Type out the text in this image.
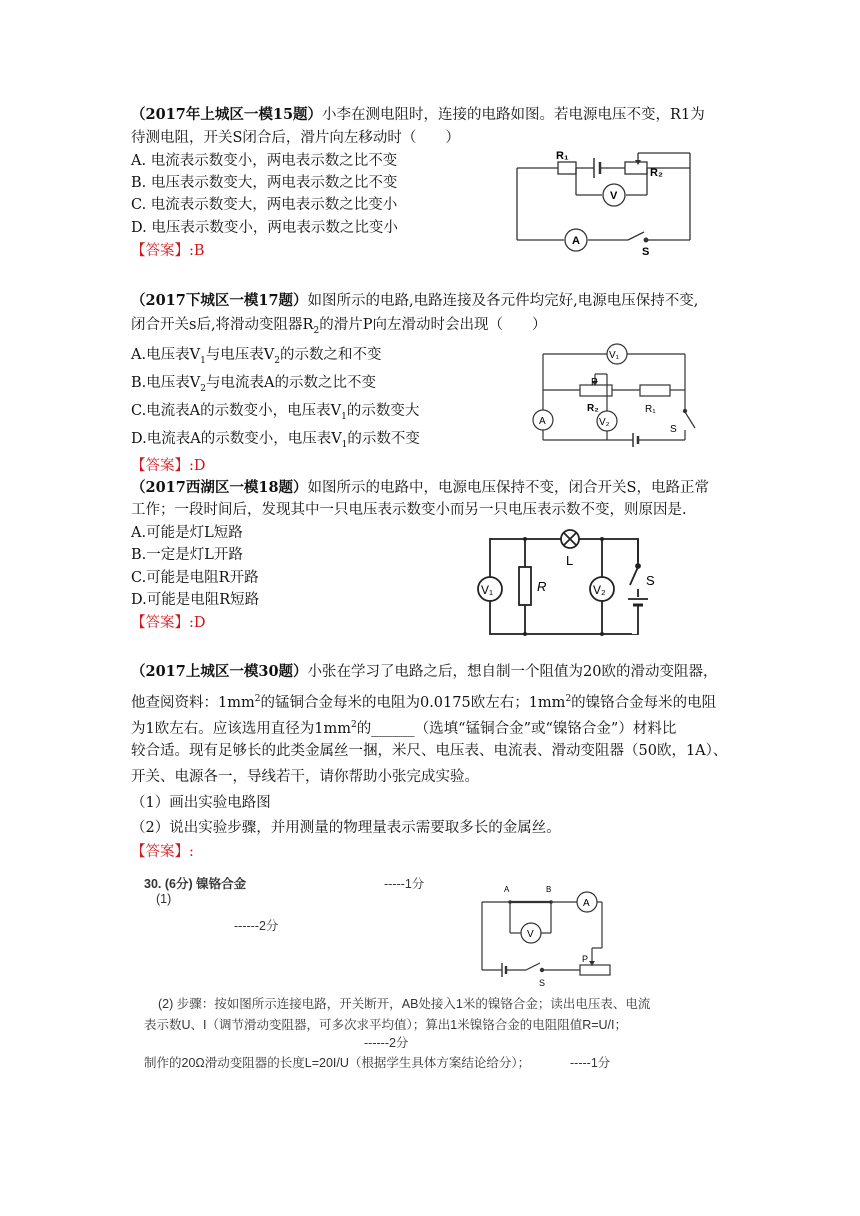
（2017年上城区一模15题）小李在测电阻时，连接的电路如图。若电源电压不变，R1为
待测电阻，开关S闭合后，滑片向左移动时（　　）
A. 电流表示数变小，两电表示数之比不变
B. 电压表示数变大，两电表示数之比不变
C. 电流表示数变大，两电表示数之比变小
D. 电压表示数变小，两电表示数之比变小
【答案】:B
R₁
R₂
V
A
S
（2017下城区一模17题）如图所示的电路,电路连接及各元件均完好,电源电压保持不变,
闭合开关s后,将滑动变阻器$R_2$的滑片P向左滑动时会出现（　　）
A.电压表$V_1$与电压表$V_2$的示数之和不变
B.电压表$V_2$与电流表A的示数之比不变
C.电流表A的示数变小，电压表$V_1$的示数变大
D.电流表A的示数变小，电压表$V_1$的示数不变
【答案】:D
V₁
A
P
R₂
V₂
R₁
S
（2017西湖区一模18题）如图所示的电路中，电源电压保持不变，闭合开关S，电路正常
工作；一段时间后，发现其中一只电压表示数变小而另一只电压表示数不变，则原因是.
A.可能是灯L短路
B.一定是灯L开路
C.可能是电阻R开路
D.可能是电阻R短路
【答案】:D
V₁	R
L
V₂
S
（2017上城区一模30题）小张在学习了电路之后，想自制一个阻值为20欧的滑动变阻器，
他查阅资料：$1mm^2$的锰铜合金每米的电阻为0.0175欧左右；$1mm^2$的镍铬合金每米的电阻
为1欧左右。应该选用直径为$1mm^2$的______（选填“锰铜合金”或“镍铬合金”）材料比
较合适。现有足够长的此类金属丝一捆，米尺、电压表、电流表、滑动变阻器（50欧，1A）、
开关、电源各一，导线若干，请你帮助小张完成实验。
（1）画出实验电路图
（2）说出实验步骤，并用测量的物理量表示需要取多长的金属丝。
【答案】:
30. (6分) 镍铬合金	-----1分
(1)
------2分
A	B
A
V
P
S
(2) 步骤：按如图所示连接电路，开关断开，AB处接入1米的镍铬合金；读出电压表、电流
表示数U、I（调节滑动变阻器，可多次求平均值）；算出1米镍铬合金的电阻阻值R=U/I；
------2分
制作的20Ω滑动变阻器的长度L=20I/U（根据学生具体方案结论给分）；	-----1分
